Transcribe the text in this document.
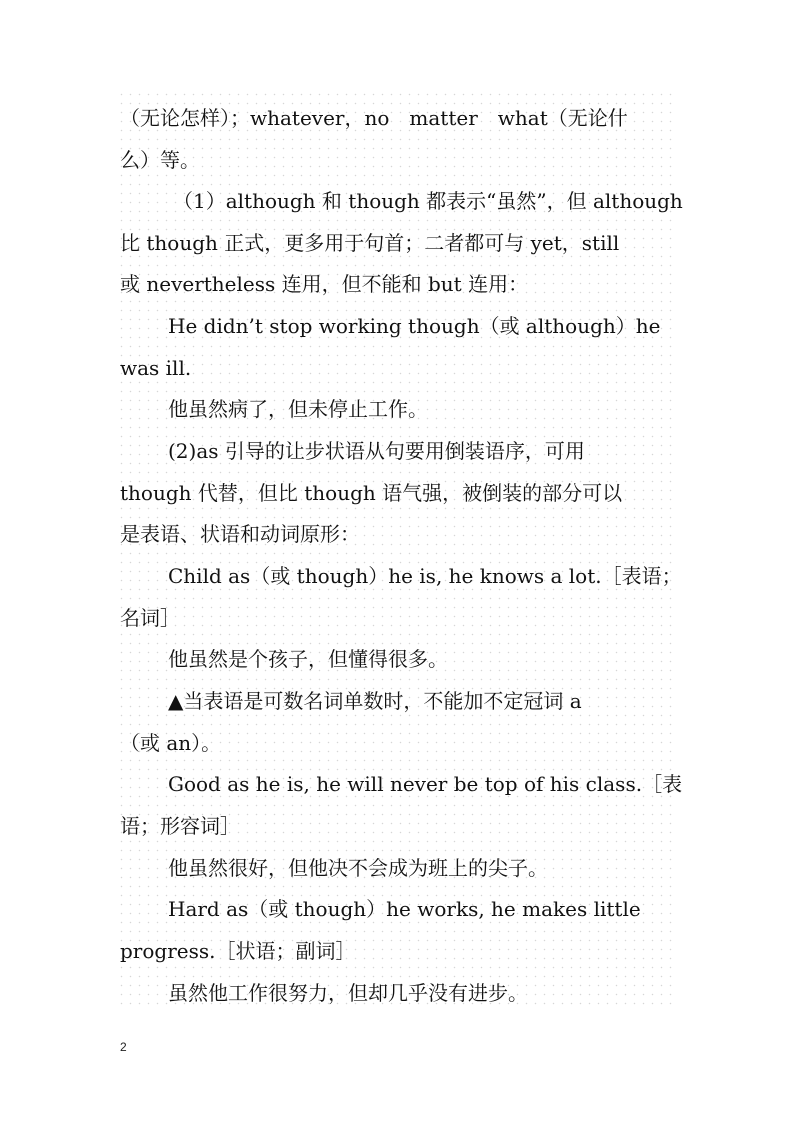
（无论怎样）；whatever，no　matter　what（无论什
么）等。
（1）although 和 though 都表示“虽然”，但 although
比 though 正式，更多用于句首；二者都可与 yet，still
或 nevertheless 连用，但不能和 but 连用：
He didn’t stop working though（或 although）he
was ill.
他虽然病了，但未停止工作。
(2)as 引导的让步状语从句要用倒装语序，可用
though 代替，但比 though 语气强，被倒装的部分可以
是表语、状语和动词原形：
Child as（或 though）he is, he knows a lot.［表语；
名词］
他虽然是个孩子，但懂得很多。
▲当表语是可数名词单数时，不能加不定冠词 a
（或 an）。
Good as he is, he will never be top of his class.［表
语；形容词］
他虽然很好，但他决不会成为班上的尖子。
Hard as（或 though）he works, he makes little
progress.［状语；副词］
虽然他工作很努力，但却几乎没有进步。
2
